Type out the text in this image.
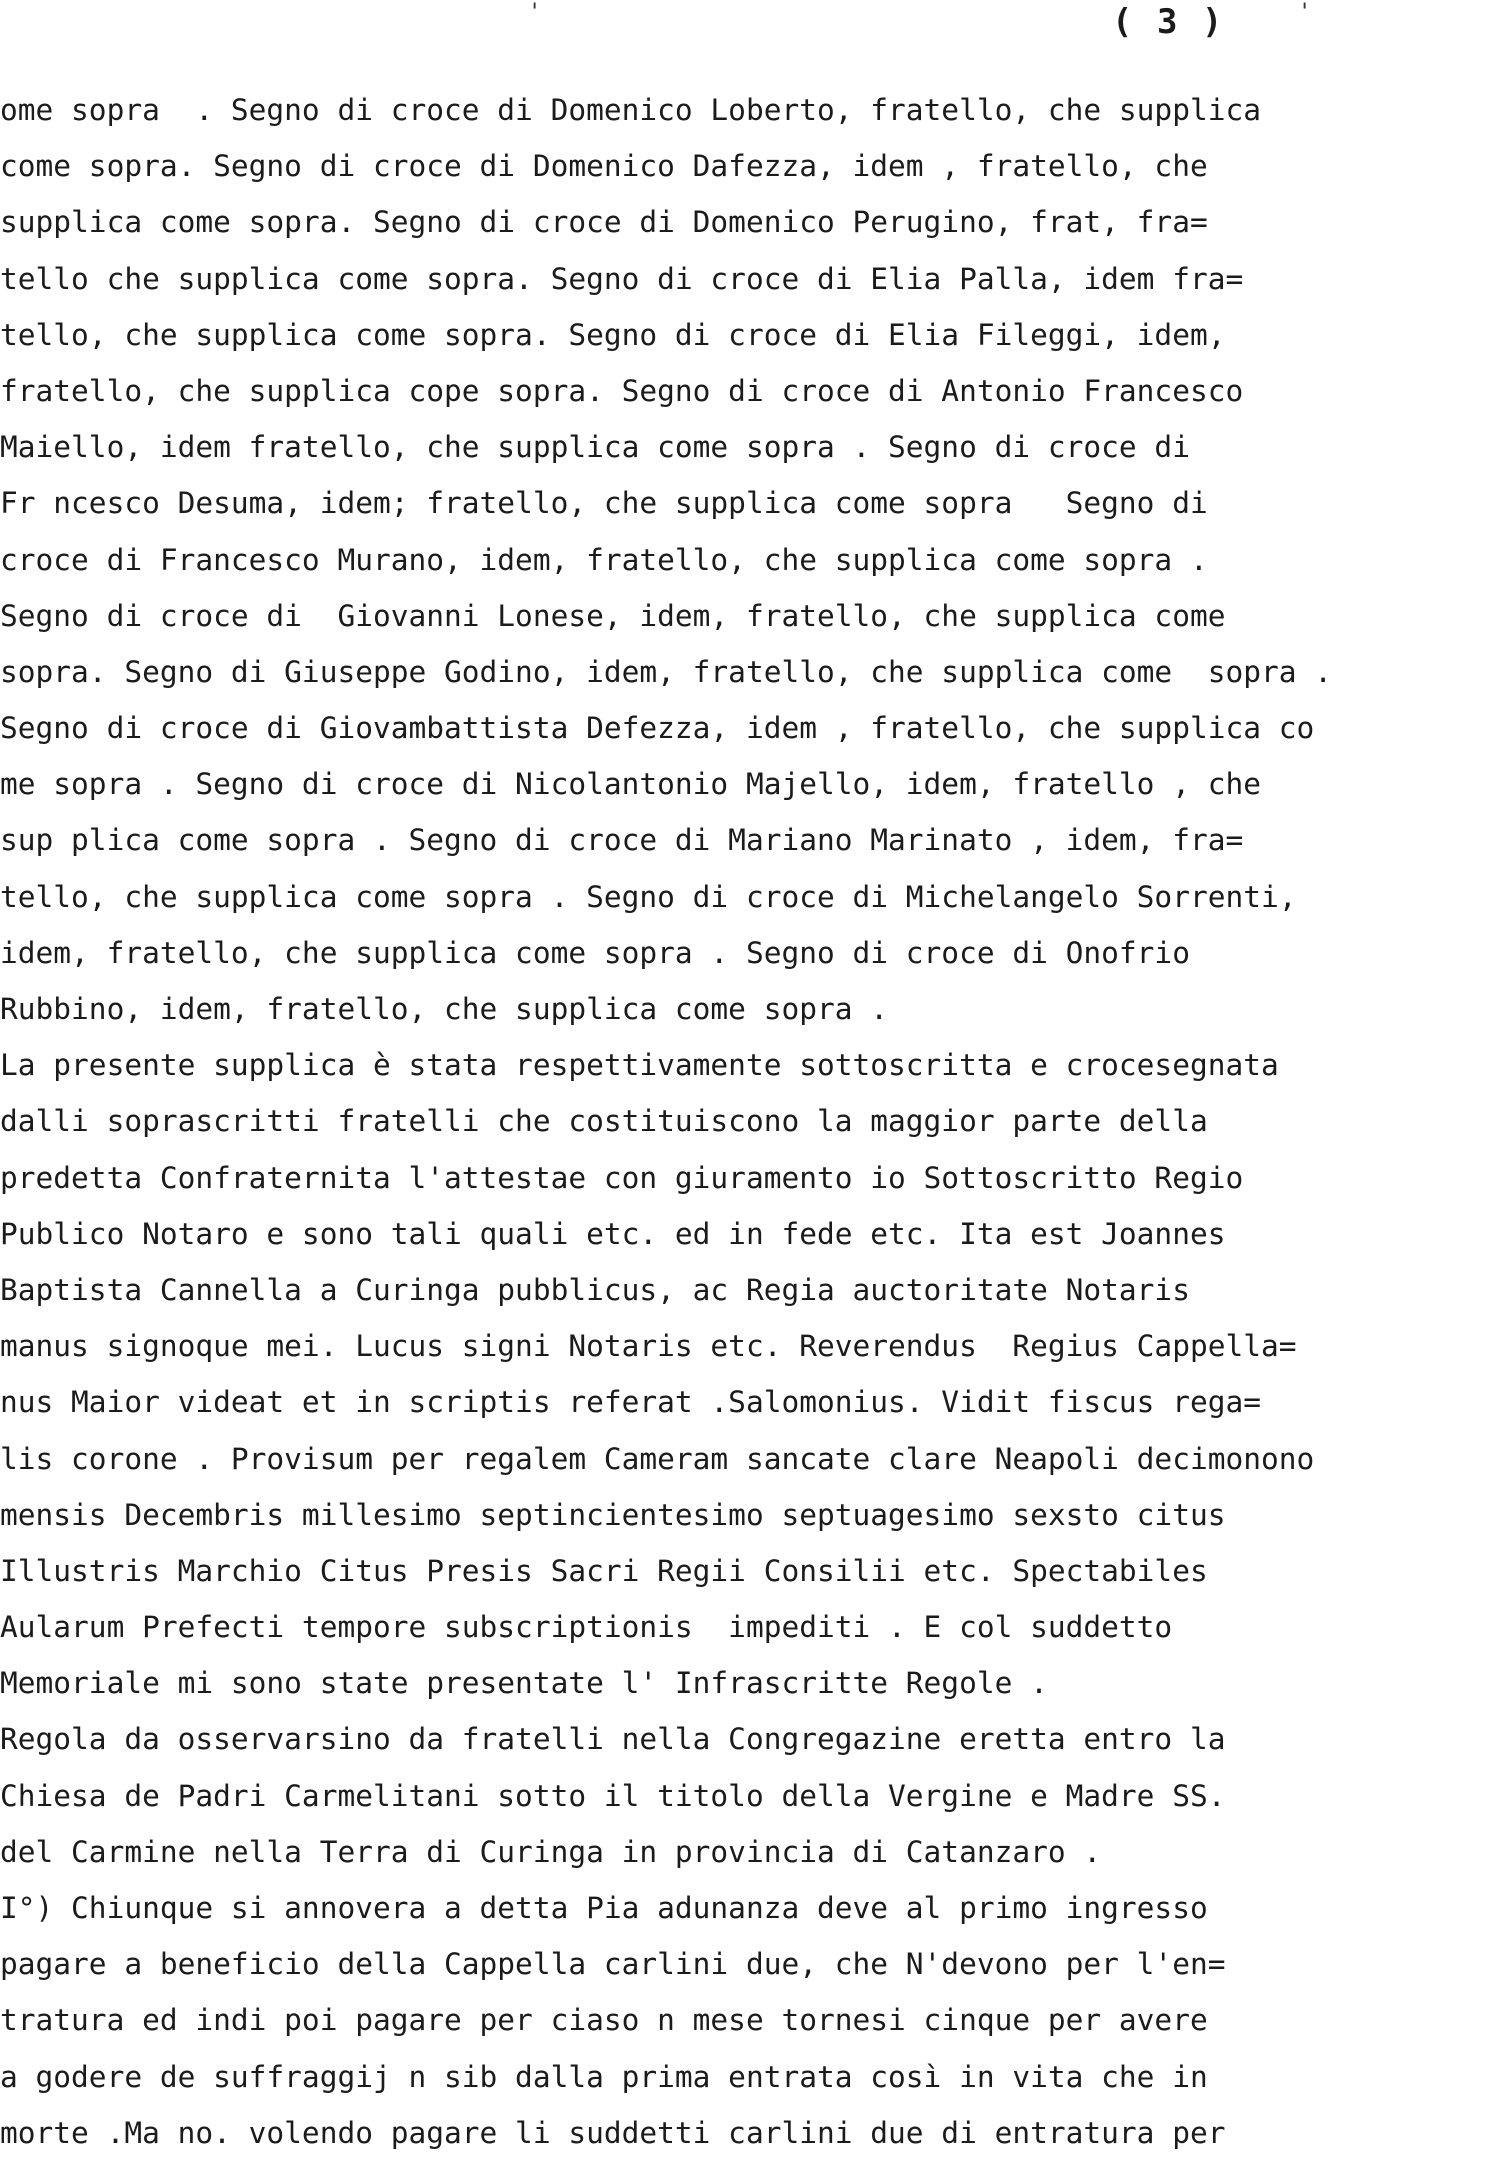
'	( 3 )	'
ome sopra  . Segno di croce di Domenico Loberto, fratello, che supplica
come sopra. Segno di croce di Domenico Dafezza, idem , fratello, che
supplica come sopra. Segno di croce di Domenico Perugino, frat, fra=
tello che supplica come sopra. Segno di croce di Elia Palla, idem fra=
tello, che supplica come sopra. Segno di croce di Elia Fileggi, idem,
fratello, che supplica cope sopra. Segno di croce di Antonio Francesco
Maiello, idem fratello, che supplica come sopra . Segno di croce di
Fr ncesco Desuma, idem; fratello, che supplica come sopra   Segno di
croce di Francesco Murano, idem, fratello, che supplica come sopra .
Segno di croce di  Giovanni Lonese, idem, fratello, che supplica come
sopra. Segno di Giuseppe Godino, idem, fratello, che supplica come  sopra .
Segno di croce di Giovambattista Defezza, idem , fratello, che supplica co
me sopra . Segno di croce di Nicolantonio Majello, idem, fratello , che
sup plica come sopra . Segno di croce di Mariano Marinato , idem, fra=
tello, che supplica come sopra . Segno di croce di Michelangelo Sorrenti,
idem, fratello, che supplica come sopra . Segno di croce di Onofrio
Rubbino, idem, fratello, che supplica come sopra .
La presente supplica è stata respettivamente sottoscritta e crocesegnata
dalli soprascritti fratelli che costituiscono la maggior parte della
predetta Confraternita l'attestae con giuramento io Sottoscritto Regio
Publico Notaro e sono tali quali etc. ed in fede etc. Ita est Joannes
Baptista Cannella a Curinga pubblicus, ac Regia auctoritate Notaris
manus signoque mei. Lucus signi Notaris etc. Reverendus  Regius Cappella=
nus Maior videat et in scriptis referat .Salomonius. Vidit fiscus rega=
lis corone . Provisum per regalem Cameram sancate clare Neapoli decimonono
mensis Decembris millesimo septincientesimo septuagesimo sexsto citus
Illustris Marchio Citus Presis Sacri Regii Consilii etc. Spectabiles
Aularum Prefecti tempore subscriptionis  impediti . E col suddetto
Memoriale mi sono state presentate l' Infrascritte Regole .
Regola da osservarsino da fratelli nella Congregazine eretta entro la
Chiesa de Padri Carmelitani sotto il titolo della Vergine e Madre SS.
del Carmine nella Terra di Curinga in provincia di Catanzaro .
I°) Chiunque si annovera a detta Pia adunanza deve al primo ingresso
pagare a beneficio della Cappella carlini due, che N'devono per l'en=
tratura ed indi poi pagare per ciaso n mese tornesi cinque per avere
a godere de suffraggij n sib dalla prima entrata così in vita che in
morte .Ma no. volendo pagare li suddetti carlini due di entratura per
